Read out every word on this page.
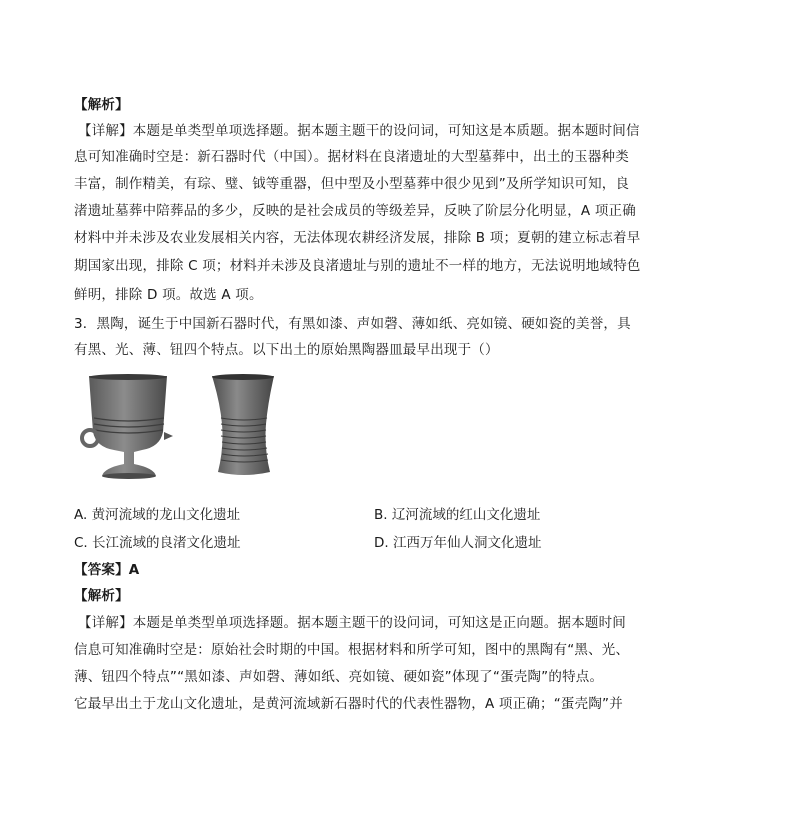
【解析】
【详解】本题是单类型单项选择题。据本题主题干的设问词，可知这是本质题。据本题时间信
息可知准确时空是：新石器时代（中国）。据材料在良渚遗址的大型墓葬中，出土的玉器种类
丰富，制作精美，有琮、璧、钺等重器，但中型及小型墓葬中很少见到”及所学知识可知，良
渚遗址墓葬中陪葬品的多少，反映的是社会成员的等级差异，反映了阶层分化明显，A 项正确
材料中并未涉及农业发展相关内容，无法体现农耕经济发展，排除 B 项；夏朝的建立标志着早
期国家出现，排除 C 项；材料并未涉及良渚遗址与别的遗址不一样的地方，无法说明地域特色
鲜明，排除 D 项。故选 A 项。
3．黑陶，诞生于中国新石器时代，有黑如漆、声如磬、薄如纸、亮如镜、硬如瓷的美誉，具
有黑、光、薄、钮四个特点。以下出土的原始黑陶器皿最早出现于（）
A. 黄河流域的龙山文化遗址	B. 辽河流域的红山文化遗址
C. 长江流域的良渚文化遗址	D. 江西万年仙人洞文化遗址
【答案】A
【解析】
【详解】本题是单类型单项选择题。据本题主题干的设问词，可知这是正向题。据本题时间
信息可知准确时空是：原始社会时期的中国。根据材料和所学可知，图中的黑陶有“黑、光、
薄、钮四个特点”“黑如漆、声如磬、薄如纸、亮如镜、硬如瓷”体现了“蛋壳陶”的特点。
它最早出土于龙山文化遗址，是黄河流域新石器时代的代表性器物，A 项正确；“蛋壳陶”并
